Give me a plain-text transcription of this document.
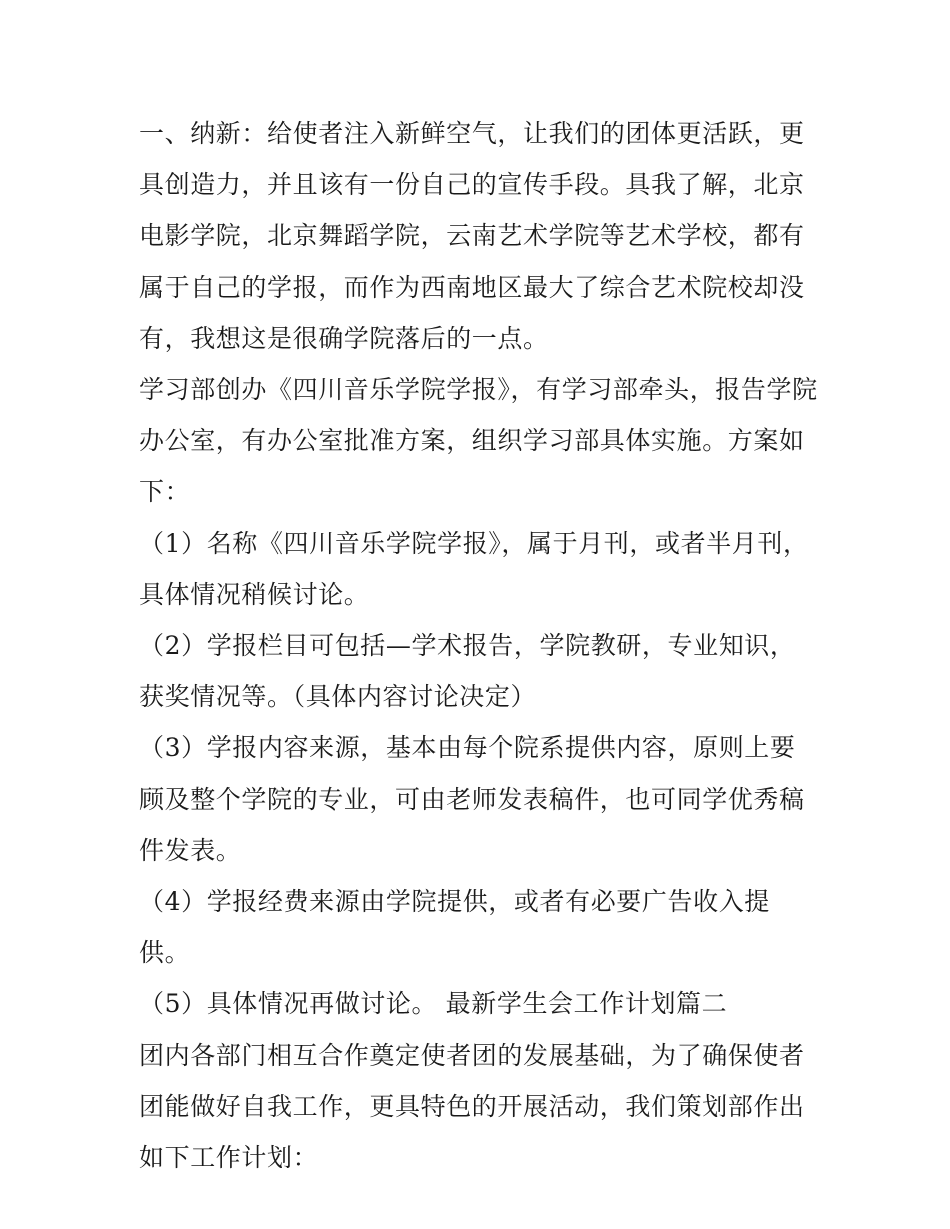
一、纳新：给使者注入新鲜空气，让我们的团体更活跃，更具创造力，并且该有一份自己的宣传手段。具我了解，北京电影学院，北京舞蹈学院，云南艺术学院等艺术学校，都有属于自己的学报，而作为西南地区最大了综合艺术院校却没有，我想这是很确学院落后的一点。

学习部创办《四川音乐学院学报》，有学习部牵头，报告学院办公室，有办公室批准方案，组织学习部具体实施。方案如下：

（1）名称《四川音乐学院学报》，属于月刊，或者半月刊，具体情况稍候讨论。

（2）学报栏目可包括—学术报告，学院教研，专业知识，获奖情况等。（具体内容讨论决定）

（3）学报内容来源，基本由每个院系提供内容，原则上要顾及整个学院的专业，可由老师发表稿件，也可同学优秀稿件发表。

（4）学报经费来源由学院提供，或者有必要广告收入提供。

（5）具体情况再做讨论。 最新学生会工作计划篇二

团内各部门相互合作奠定使者团的发展基础，为了确保使者团能做好自我工作，更具特色的开展活动，我们策划部作出如下工作计划：
